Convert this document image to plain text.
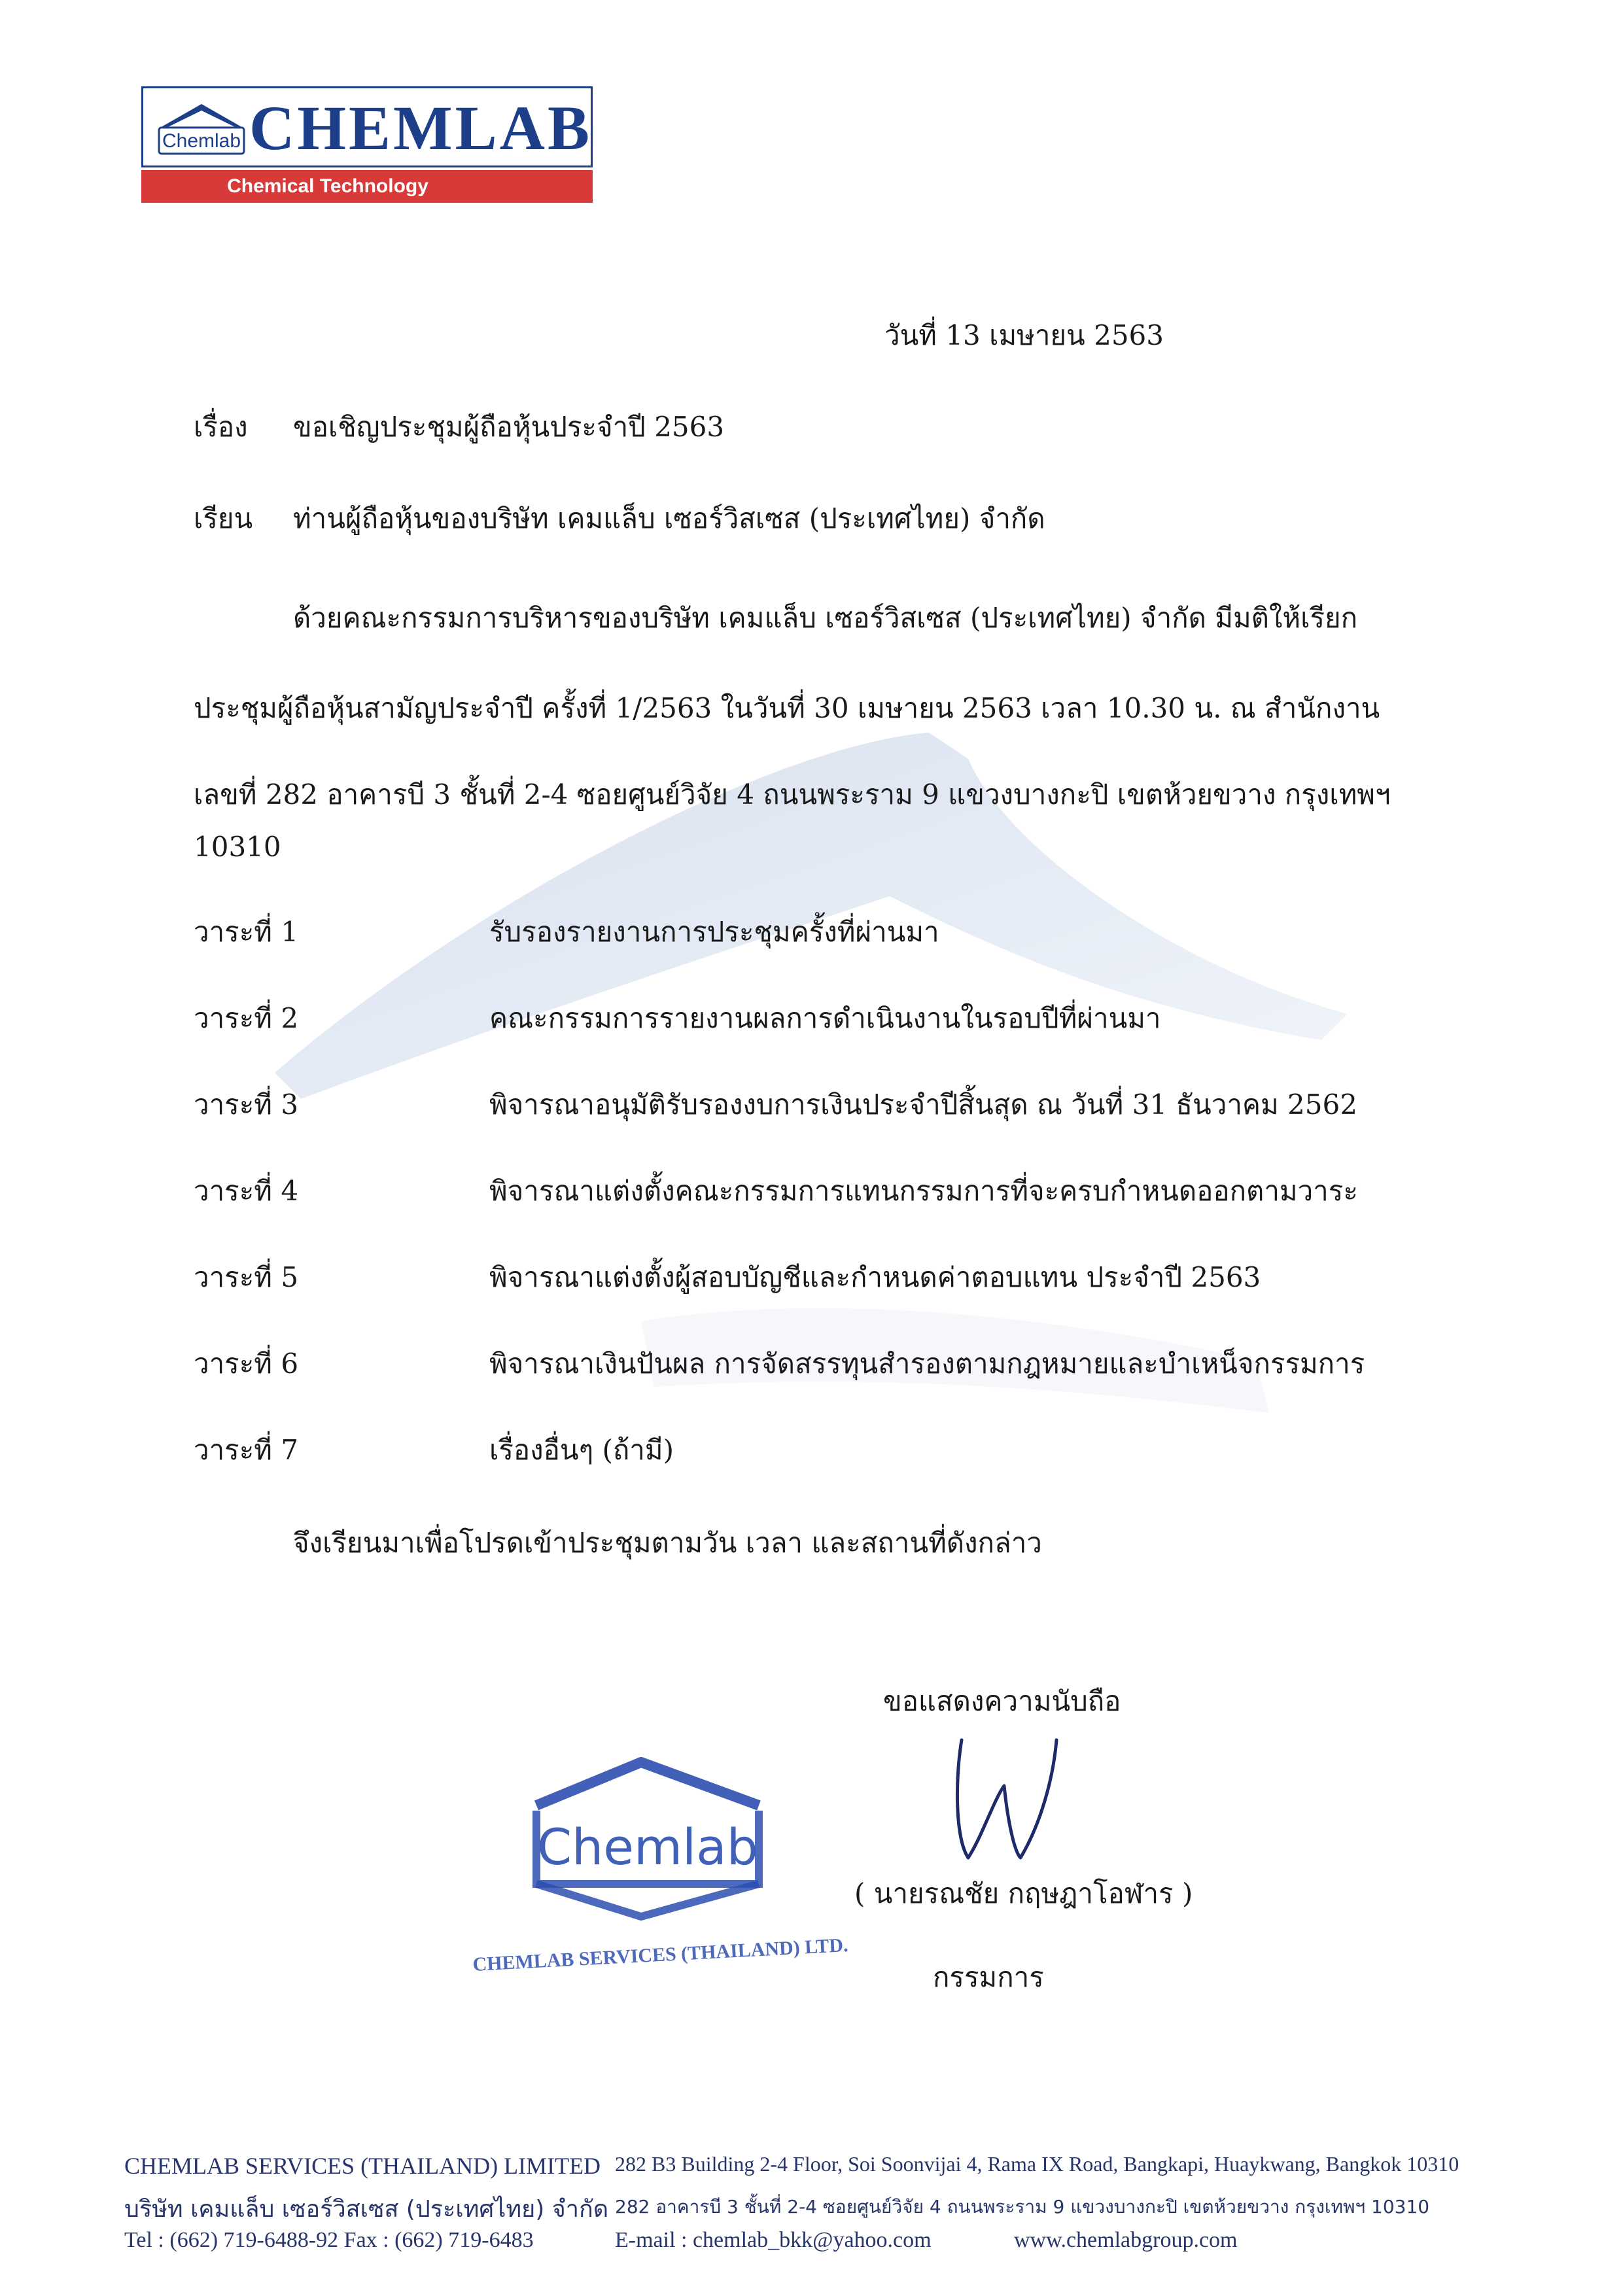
Chemlab CHEMLAB
Chemical Technology
วันที่ 13 เมษายน 2563
เรื่อง ขอเชิญประชุมผู้ถือหุ้นประจำปี 2563
เรียน ท่านผู้ถือหุ้นของบริษัท เคมแล็บ เซอร์วิสเซส (ประเทศไทย) จำกัด
ด้วยคณะกรรมการบริหารของบริษัท เคมแล็บ เซอร์วิสเซส (ประเทศไทย) จำกัด มีมติให้เรียก
ประชุมผู้ถือหุ้นสามัญประจำปี ครั้งที่ 1/2563 ในวันที่ 30 เมษายน 2563 เวลา 10.30 น. ณ สำนักงาน
เลขที่ 282 อาคารบี 3 ชั้นที่ 2-4 ซอยศูนย์วิจัย 4 ถนนพระราม 9 แขวงบางกะปิ เขตห้วยขวาง กรุงเทพฯ
10310
วาระที่ 1	รับรองรายงานการประชุมครั้งที่ผ่านมา
วาระที่ 2	คณะกรรมการรายงานผลการดำเนินงานในรอบปีที่ผ่านมา
วาระที่ 3	พิจารณาอนุมัติรับรองงบการเงินประจำปีสิ้นสุด ณ วันที่ 31 ธันวาคม 2562
วาระที่ 4	พิจารณาแต่งตั้งคณะกรรมการแทนกรรมการที่จะครบกำหนดออกตามวาระ
วาระที่ 5	พิจารณาแต่งตั้งผู้สอบบัญชีและกำหนดค่าตอบแทน ประจำปี 2563
วาระที่ 6	พิจารณาเงินปันผล การจัดสรรทุนสำรองตามกฎหมายและบำเหน็จกรรมการ
วาระที่ 7	เรื่องอื่นๆ (ถ้ามี)
จึงเรียนมาเพื่อโปรดเข้าประชุมตามวัน เวลา และสถานที่ดังกล่าว
ขอแสดงความนับถือ
( นายรณชัย กฤษฎาโอฬาร )
กรรมการ
Chemlab
CHEMLAB SERVICES (THAILAND) LTD.
CHEMLAB SERVICES (THAILAND) LIMITED 282 B3 Building 2-4 Floor, Soi Soonvijai 4, Rama IX Road, Bangkapi, Huaykwang, Bangkok 10310
บริษัท เคมแล็บ เซอร์วิสเซส (ประเทศไทย) จำกัด 282 อาคารบี 3 ชั้นที่ 2-4 ซอยศูนย์วิจัย 4 ถนนพระราม 9 แขวงบางกะปิ เขตห้วยขวาง กรุงเทพฯ 10310
Tel : (662) 719-6488-92 Fax : (662) 719-6483	E-mail : chemlab_bkk@yahoo.com	www.chemlabgroup.com
